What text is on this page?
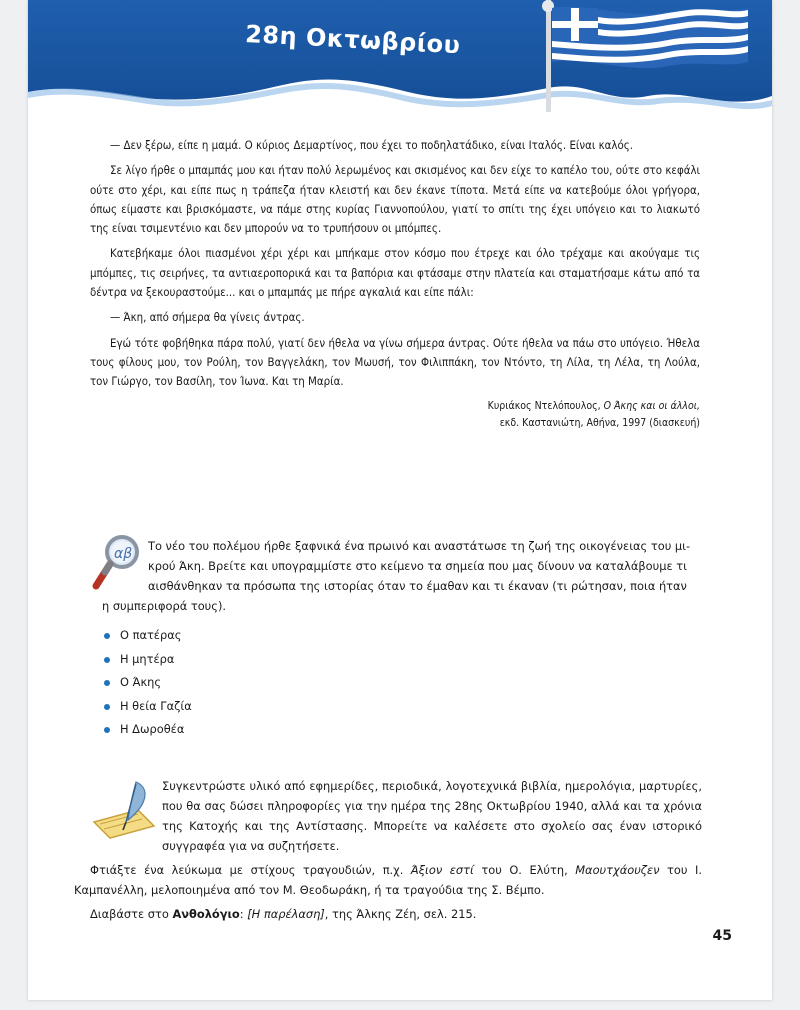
28η Οκτωβρίου

— Δεν ξέρω, είπε η μαμά. Ο κύριος Δεμαρτίνος, που έχει το ποδηλατάδικο, είναι Ιταλός. Είναι καλός.

Σε λίγο ήρθε ο μπαμπάς μου και ήταν πολύ λερωμένος και σκισμένος και δεν είχε το καπέλο του, ούτε στο κεφάλι ούτε στο χέρι, και είπε πως η τράπεζα ήταν κλειστή και δεν έκανε τίποτα. Μετά είπε να κατεβούμε όλοι γρήγορα, όπως είμαστε και βρισκόμαστε, να πάμε στης κυρίας Γιαννοπούλου, γιατί το σπίτι της έχει υπόγειο και το λιακωτό της είναι τσιμεντένιο και δεν μπορούν να το τρυπήσουν οι μπόμπες.

Κατεβήκαμε όλοι πιασμένοι χέρι χέρι και μπήκαμε στον κόσμο που έτρεχε και όλο τρέχαμε και ακούγαμε τις μπόμπες, τις σειρήνες, τα αντιαεροπορικά και τα βαπόρια και φτάσαμε στην πλατεία και σταματήσαμε κάτω από τα δέντρα να ξεκουραστούμε... και ο μπαμπάς με πήρε αγκαλιά και είπε πάλι:

— Άκη, από σήμερα θα γίνεις άντρας.

Εγώ τότε φοβήθηκα πάρα πολύ, γιατί δεν ήθελα να γίνω σήμερα άντρας. Ούτε ήθελα να πάω στο υπόγειο. Ήθελα τους φίλους μου, τον Ρούλη, τον Βαγγελάκη, τον Μωυσή, τον Φιλιππάκη, τον Ντόντο, τη Λίλα, τη Λέλα, τη Λούλα, τον Γιώργο, τον Βασίλη, τον Ίωνα. Και τη Μαρία.

Κυριάκος Ντελόπουλος, Ο Άκης και οι άλλοι,
εκδ. Καστανιώτη, Αθήνα, 1997 (διασκευή)
αβ Το νέο του πολέμου ήρθε ξαφνικά ένα πρωινό και αναστάτωσε τη ζωή της οικογένειας του μι-
κρού Άκη. Βρείτε και υπογραμμίστε στο κείμενο τα σημεία που μας δίνουν να καταλάβουμε τι
αισθάνθηκαν τα πρόσωπα της ιστορίας όταν το έμαθαν και τι έκαναν (τι ρώτησαν, ποια ήταν
η συμπεριφορά τους).
Ο πατέρας
Η μητέρα
Ο Άκης
Η θεία Γαζία
Η Δωροθέα
Συγκεντρώστε υλικό από εφημερίδες, περιοδικά, λογοτεχνικά βιβλία, ημερολόγια, μαρτυρίες, που θα σας δώσει πληροφορίες για την ημέρα της 28ης Οκτωβρίου 1940, αλλά και τα χρόνια της Κατοχής και της Αντίστασης. Μπορείτε να καλέσετε στο σχολείο σας έναν ιστορικό συγγραφέα για να συζητήσετε.

Φτιάξτε ένα λεύκωμα με στίχους τραγουδιών, π.χ. Άξιον εστί του Ο. Ελύτη, Μαουτχάουζεν του Ι. Καμπανέλλη, μελοποιημένα από τον Μ. Θεοδωράκη, ή τα τραγούδια της Σ. Βέμπο.

Διαβάστε στο Ανθολόγιο: [Η παρέλαση], της Άλκης Ζέη, σελ. 215.

45
